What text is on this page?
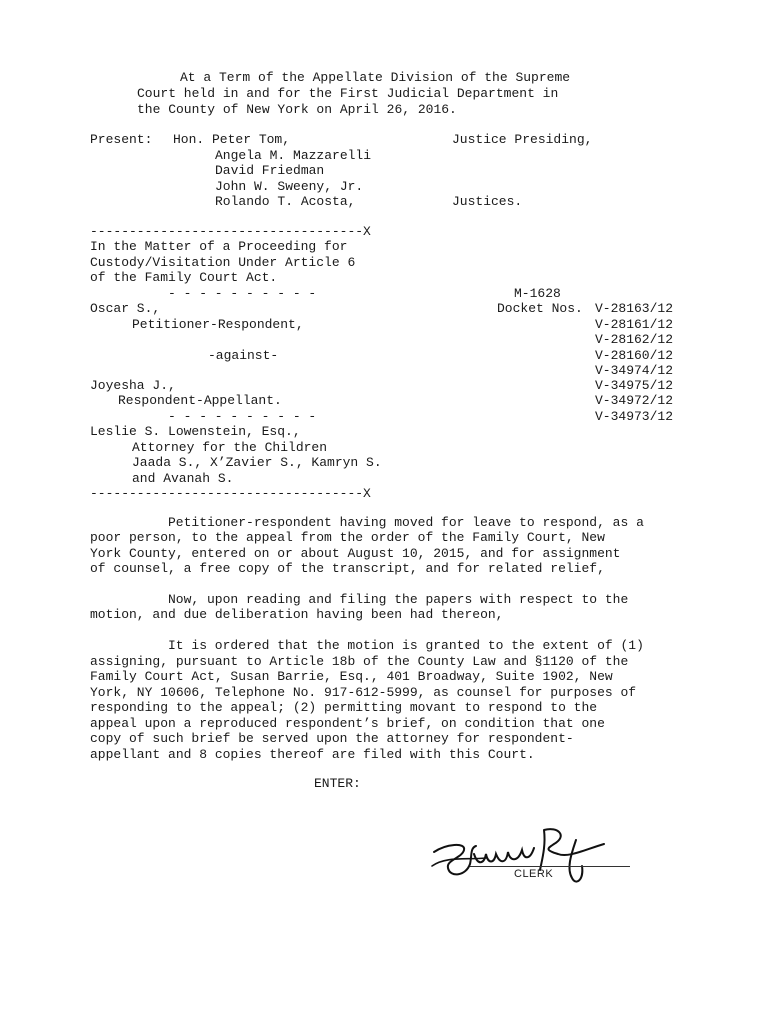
At a Term of the Appellate Division of the Supreme
Court held in and for the First Judicial Department in
the County of New York on April 26, 2016.
Present: Hon. Peter Tom,
Angela M. Mazzarelli
David Friedman
John W. Sweeny, Jr.
Rolando T. Acosta,
Justice Presiding,
Justices.
-----------------------------------X
In the Matter of a Proceeding for
Custody/Visitation Under Article 6
of the Family Court Act.
- - - - - - - - - -
Oscar S.,
Petitioner-Respondent,
-against-
Joyesha J.,
Respondent-Appellant.
- - - - - - - - - -
Leslie S. Lowenstein, Esq.,
Attorney for the Children
Jaada S., X’Zavier S., Kamryn S.
and Avanah S.
-----------------------------------X
M-1628
Docket Nos. V-28163/12
V-28161/12
V-28162/12
V-28160/12
V-34974/12
V-34975/12
V-34972/12
V-34973/12
Petitioner-respondent having moved for leave to respond, as a
poor person, to the appeal from the order of the Family Court, New
York County, entered on or about August 10, 2015, and for assignment
of counsel, a free copy of the transcript, and for related relief,
Now, upon reading and filing the papers with respect to the
motion, and due deliberation having been had thereon,
It is ordered that the motion is granted to the extent of (1)
assigning, pursuant to Article 18b of the County Law and §1120 of the
Family Court Act, Susan Barrie, Esq., 401 Broadway, Suite 1902, New
York, NY 10606, Telephone No. 917-612-5999, as counsel for purposes of
responding to the appeal; (2) permitting movant to respond to the
appeal upon a reproduced respondent’s brief, on condition that one
copy of such brief be served upon the attorney for respondent-
appellant and 8 copies thereof are filed with this Court.
ENTER:
CLERK
